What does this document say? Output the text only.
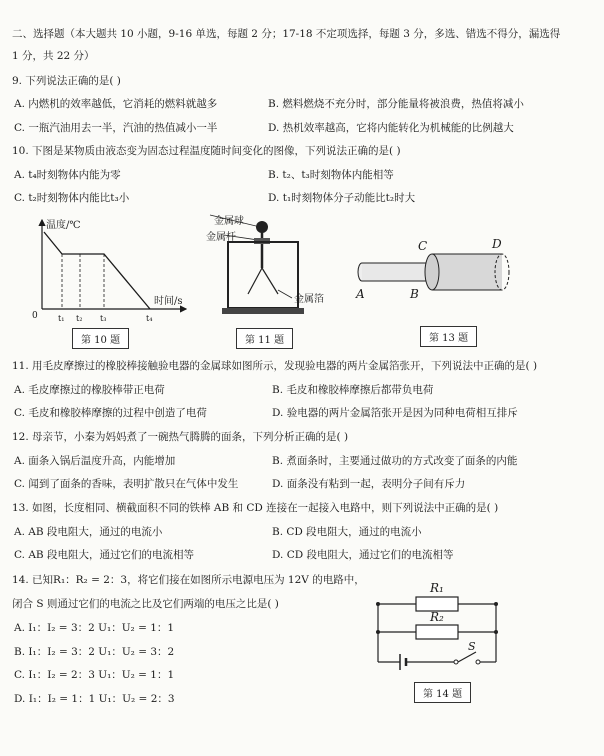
二、选择题（本大题共 10 小题，9-16 单选，每题 2 分；17-18 不定项选择，每题 3 分，多选、错选不得分，漏选得
1 分，共 22 分）
9. 下列说法正确的是( )
A. 内燃机的效率越低，它消耗的燃料就越多	B. 燃料燃烧不充分时，部分能量将被浪费，热值将减小
C. 一瓶汽油用去一半，汽油的热值减小一半	D. 热机效率越高，它将内能转化为机械能的比例越大
10. 下图是某物质由液态变为固态过程温度随时间变化的图像，下列说法正确的是( )
A. t₄时刻物体内能为零	B. t₂、t₃时刻物体内能相等
C. t₂时刻物体内能比t₃小	D. t₁时刻物体分子动能比t₂时大
温度/℃
时间/s
0	t₁ t₂ t₃	t₄
第 10 题
金属球
金属杆
金属箔
第 11 题
A	B
C	D
第 13 题
11. 用毛皮摩擦过的橡胶棒接触验电器的金属球如图所示，发现验电器的两片金属箔张开，下列说法中正确的是( )
A. 毛皮摩擦过的橡胶棒带正电荷	B. 毛皮和橡胶棒摩擦后都带负电荷
C. 毛皮和橡胶棒摩擦的过程中创造了电荷	D. 验电器的两片金属箔张开是因为同种电荷相互排斥
12. 母亲节，小秦为妈妈煮了一碗热气腾腾的面条，下列分析正确的是( )
A. 面条入锅后温度升高，内能增加	B. 煮面条时，主要通过做功的方式改变了面条的内能
C. 闻到了面条的香味，表明扩散只在气体中发生	D. 面条没有粘到一起，表明分子间有斥力
13. 如图，长度相同、横截面积不同的铁棒 AB 和 CD 连接在一起接入电路中，则下列说法中正确的是( )
A. AB 段电阻大，通过的电流小	B. CD 段电阻大，通过的电流小
C. AB 段电阻大，通过它们的电流相等	D. CD 段电阻大，通过它们的电流相等
14. 已知R₁：R₂ = 2：3，将它们接在如图所示电源电压为 12V 的电路中，
闭合 S 则通过它们的电流之比及它们两端的电压之比是( )
A. I₁：I₂ = 3：2 U₁：U₂ = 1：1
B. I₁：I₂ = 3：2 U₁：U₂ = 3：2
C. I₁：I₂ = 2：3 U₁：U₂ = 1：1
D. I₁：I₂ = 1：1 U₁：U₂ = 2：3
R₁
R₂
S
第 14 题
